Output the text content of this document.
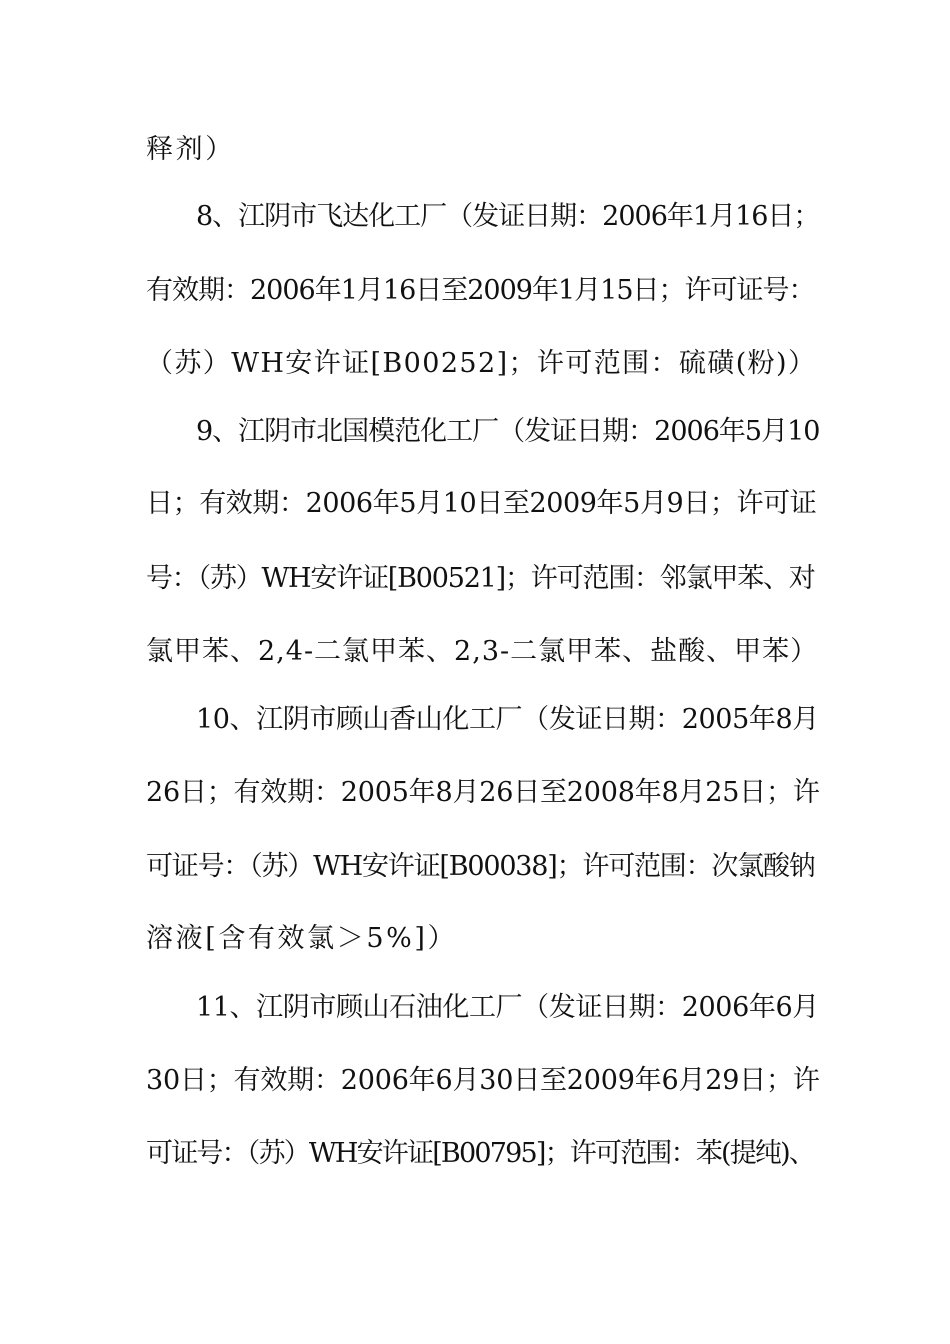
释剂）
8、江阴市飞达化工厂（发证日期：2006年1月16日；
有效期：2006年1月16日至2009年1月15日；许可证号：
（苏）WH安许证[B00252]；许可范围：硫磺(粉)）
9、江阴市北国模范化工厂（发证日期：2006年5月10
日；有效期：2006年5月10日至2009年5月9日；许可证
号：（苏）WH安许证[B00521]；许可范围：邻氯甲苯、对
氯甲苯、2,4-二氯甲苯、2,3-二氯甲苯、盐酸、甲苯）
10、江阴市顾山香山化工厂（发证日期：2005年8月
26日；有效期：2005年8月26日至2008年8月25日；许
可证号：（苏）WH安许证[B00038]；许可范围：次氯酸钠
溶液[含有效氯＞5%]）
11、江阴市顾山石油化工厂（发证日期：2006年6月
30日；有效期：2006年6月30日至2009年6月29日；许
可证号：（苏）WH安许证[B00795]；许可范围：苯(提纯)、
